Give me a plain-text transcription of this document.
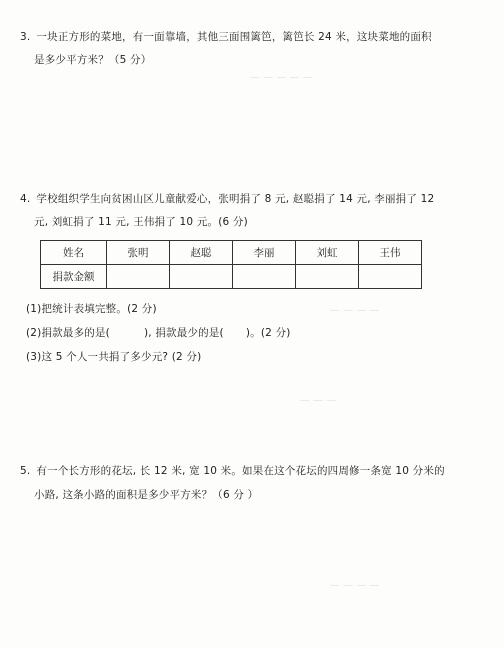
— — — — —
— — — —
— — —
— — — —
3. 一块正方形的菜地，有一面靠墙，其他三面围篱笆，篱笆长 24 米，这块菜地的面积
是多少平方米？（5 分）
4. 学校组织学生向贫困山区儿童献爱心，张明捐了 8 元, 赵聪捐了 14 元, 李丽捐了 12
元, 刘虹捐了 11 元, 王伟捐了 10 元。(6 分)
姓名	张明	赵聪	李丽	刘虹	王伟
捐款金额					
(1)把统计表填完整。(2 分)
(2)捐款最多的是(	), 捐款最少的是( )。(2 分)
(3)这 5 个人一共捐了多少元? (2 分)
5. 有一个长方形的花坛, 长 12 米, 宽 10 米。如果在这个花坛的四周修一条宽 10 分米的
小路, 这条小路的面积是多少平方米？（6 分 ）
